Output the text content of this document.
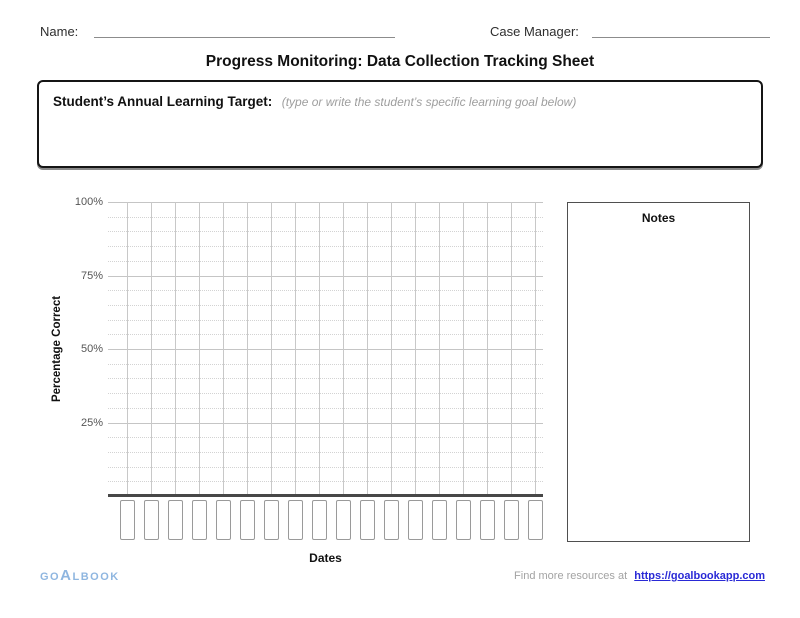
Name:	Case Manager:
Progress Monitoring: Data Collection Tracking Sheet
Student’s Annual Learning Target: (type or write the student’s specific learning goal below)
Percentage Correct
100%
75%
50%
25%
Dates
Notes
GO A LBOOK	Find more resources at https://goalbookapp.com
